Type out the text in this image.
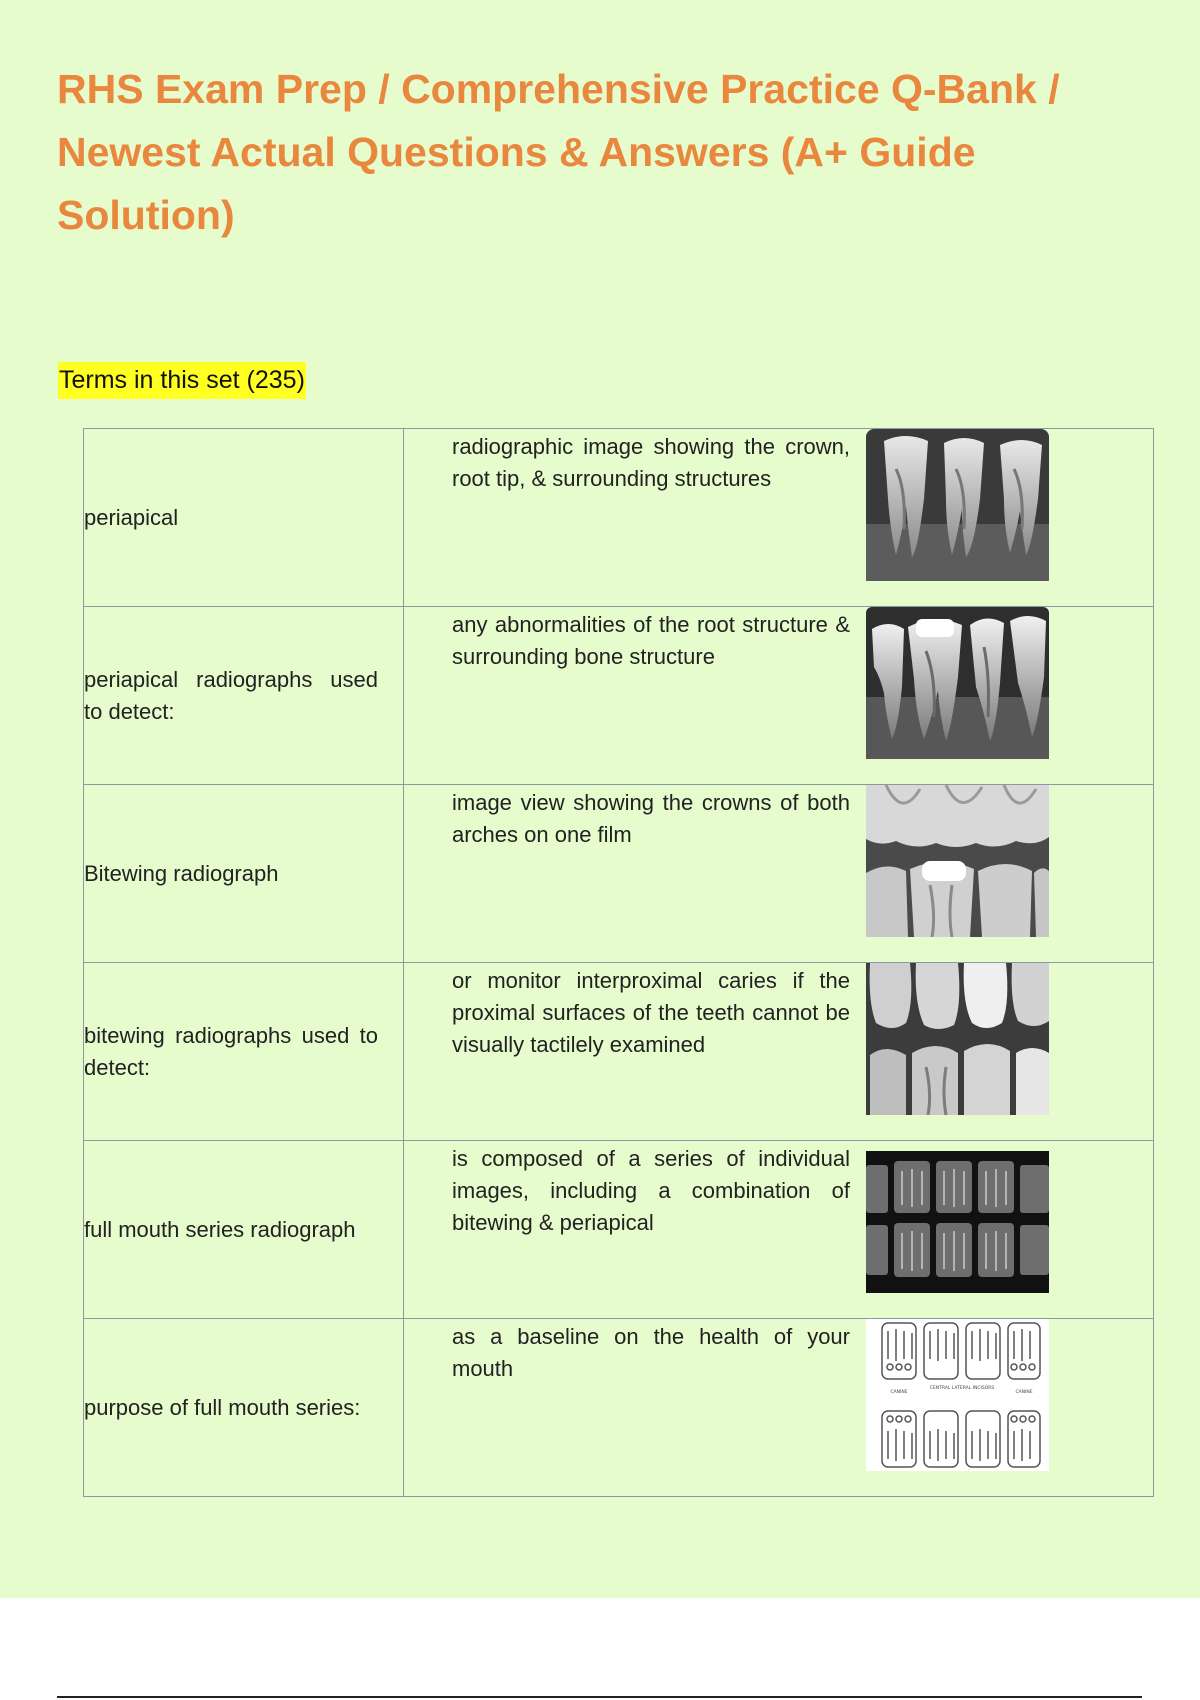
RHS Exam Prep / Comprehensive Practice Q-Bank / Newest Actual Questions & Answers (A+ Guide Solution)
Terms in this set (235)
periapical	radiographic image showing the crown, root tip, & surrounding structures

periapical radiographs used to detect:	any abnormalities of the root structure & surrounding bone structure

Bitewing radiograph	image view showing the crowns of both arches on one film

bitewing radiographs used to detect:	or monitor interproximal caries if the proximal surfaces of the teeth cannot be visually tactilely examined

full mouth series radiograph	is composed of a series of individual images, including a combination of bitewing & periapical

purpose of full mouth series:	as a baseline on the health of your mouth

CANINE
CENTRAL LATERAL INCISORS
CANINE
